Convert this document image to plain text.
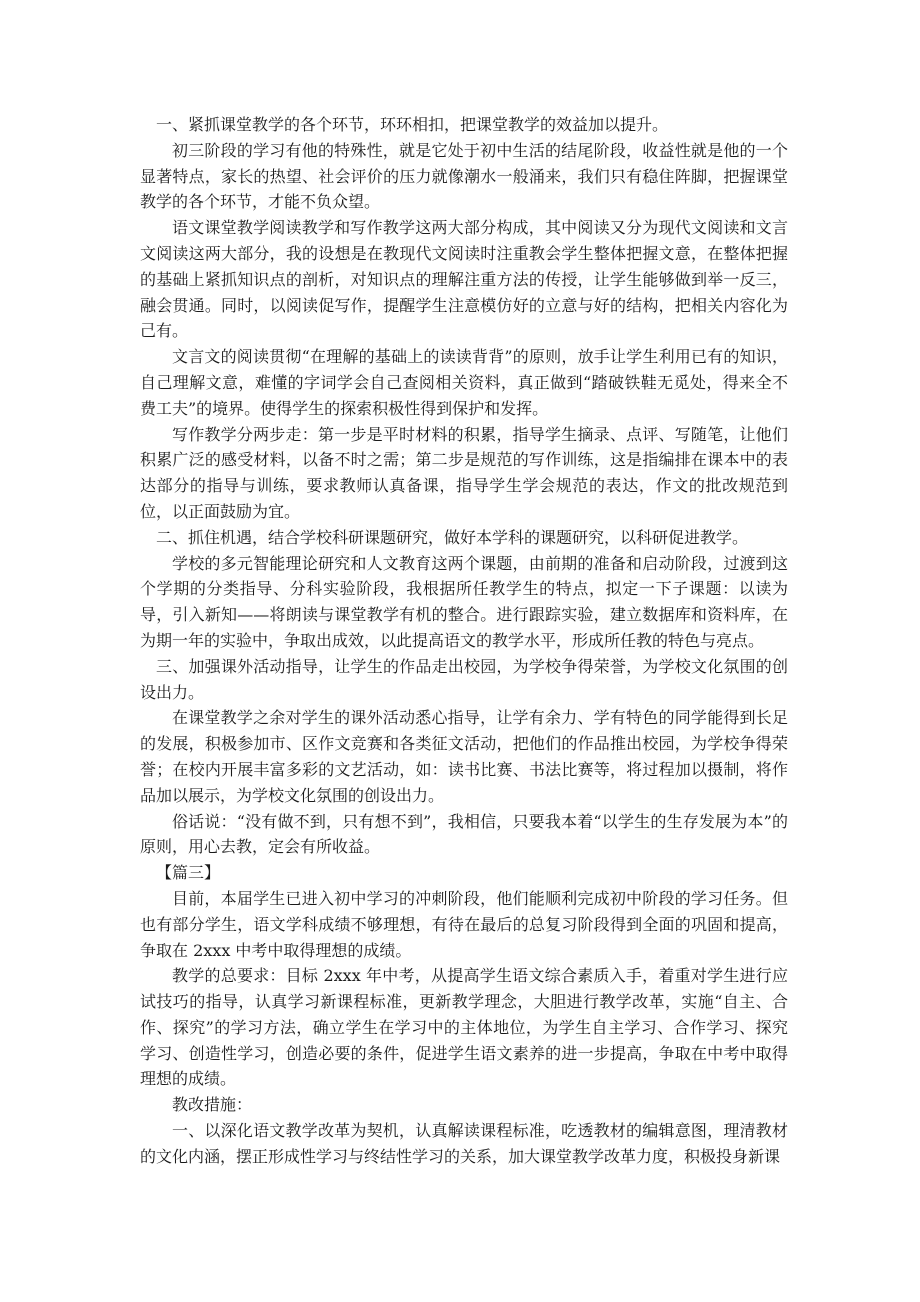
一、紧抓课堂教学的各个环节，环环相扣，把课堂教学的效益加以提升。

初三阶段的学习有他的特殊性，就是它处于初中生活的结尾阶段，收益性就是他的一个显著特点，家长的热望、社会评价的压力就像潮水一般涌来，我们只有稳住阵脚，把握课堂教学的各个环节，才能不负众望。

语文课堂教学阅读教学和写作教学这两大部分构成，其中阅读又分为现代文阅读和文言文阅读这两大部分，我的设想是在教现代文阅读时注重教会学生整体把握文意，在整体把握的基础上紧抓知识点的剖析，对知识点的理解注重方法的传授，让学生能够做到举一反三，融会贯通。同时，以阅读促写作，提醒学生注意模仿好的立意与好的结构，把相关内容化为己有。

文言文的阅读贯彻“在理解的基础上的读读背背”的原则，放手让学生利用已有的知识，自己理解文意，难懂的字词学会自己查阅相关资料，真正做到“踏破铁鞋无觅处，得来全不费工夫”的境界。使得学生的探索积极性得到保护和发挥。

写作教学分两步走：第一步是平时材料的积累，指导学生摘录、点评、写随笔，让他们积累广泛的感受材料，以备不时之需；第二步是规范的写作训练，这是指编排在课本中的表达部分的指导与训练，要求教师认真备课，指导学生学会规范的表达，作文的批改规范到位，以正面鼓励为宜。

二、抓住机遇，结合学校科研课题研究，做好本学科的课题研究，以科研促进教学。

学校的多元智能理论研究和人文教育这两个课题，由前期的准备和启动阶段，过渡到这个学期的分类指导、分科实验阶段，我根据所任教学生的特点，拟定一下子课题：以读为导，引入新知——将朗读与课堂教学有机的整合。进行跟踪实验，建立数据库和资料库，在为期一年的实验中，争取出成效，以此提高语文的教学水平，形成所任教的特色与亮点。

三、加强课外活动指导，让学生的作品走出校园，为学校争得荣誉，为学校文化氛围的创设出力。

在课堂教学之余对学生的课外活动悉心指导，让学有余力、学有特色的同学能得到长足的发展，积极参加市、区作文竞赛和各类征文活动，把他们的作品推出校园，为学校争得荣誉；在校内开展丰富多彩的文艺活动，如：读书比赛、书法比赛等，将过程加以摄制，将作品加以展示，为学校文化氛围的创设出力。

俗话说：“没有做不到，只有想不到”，我相信，只要我本着“以学生的生存发展为本”的原则，用心去教，定会有所收益。

【篇三】

目前，本届学生已进入初中学习的冲刺阶段，他们能顺利完成初中阶段的学习任务。但也有部分学生，语文学科成绩不够理想，有待在最后的总复习阶段得到全面的巩固和提高，争取在 2xxx 中考中取得理想的成绩。

教学的总要求：目标 2xxx 年中考，从提高学生语文综合素质入手，着重对学生进行应试技巧的指导，认真学习新课程标准，更新教学理念，大胆进行教学改革，实施“自主、合作、探究”的学习方法，确立学生在学习中的主体地位，为学生自主学习、合作学习、探究学习、创造性学习，创造必要的条件，促进学生语文素养的进一步提高，争取在中考中取得理想的成绩。

教改措施：

一、以深化语文教学改革为契机，认真解读课程标准，吃透教材的编辑意图，理清教材的文化内涵，摆正形成性学习与终结性学习的关系，加大课堂教学改革力度，积极投身新课
